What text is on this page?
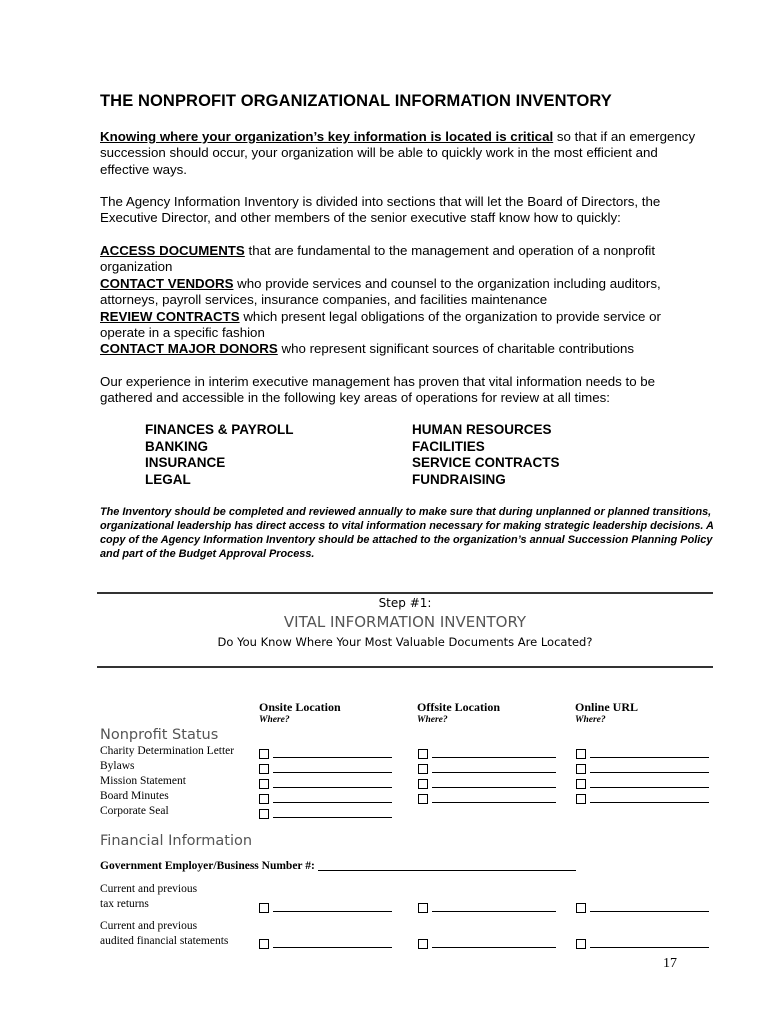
THE NONPROFIT ORGANIZATIONAL INFORMATION INVENTORY
Knowing where your organization’s key information is located is critical so that if an emergency succession should occur, your organization will be able to quickly work in the most efficient and effective ways.
The Agency Information Inventory is divided into sections that will let the Board of Directors, the Executive Director, and other members of the senior executive staff know how to quickly:
ACCESS DOCUMENTS that are fundamental to the management and operation of a nonprofit organization
CONTACT VENDORS who provide services and counsel to the organization including auditors, attorneys, payroll services, insurance companies, and facilities maintenance
REVIEW CONTRACTS which present legal obligations of the organization to provide service or operate in a specific fashion
CONTACT MAJOR DONORS who represent significant sources of charitable contributions
Our experience in interim executive management has proven that vital information needs to be gathered and accessible in the following key areas of operations for review at all times:
FINANCES & PAYROLL
BANKING
INSURANCE
LEGAL
HUMAN RESOURCES
FACILITIES
SERVICE CONTRACTS
FUNDRAISING
The Inventory should be completed and reviewed annually to make sure that during unplanned or planned transitions, organizational leadership has direct access to vital information necessary for making strategic leadership decisions. A copy of the Agency Information Inventory should be attached to the organization’s annual Succession Planning Policy and part of the Budget Approval Process.
Step #1:
VITAL INFORMATION INVENTORY
Do You Know Where Your Most Valuable Documents Are Located?
Onsite Location
Where?
Offsite Location
Where?
Online URL
Where?
Nonprofit Status
Charity Determination Letter
Bylaws
Mission Statement
Board Minutes
Corporate Seal
Financial Information
Government Employer/Business Number #:
Current and previous
tax returns
Current and previous
audited financial statements
17
